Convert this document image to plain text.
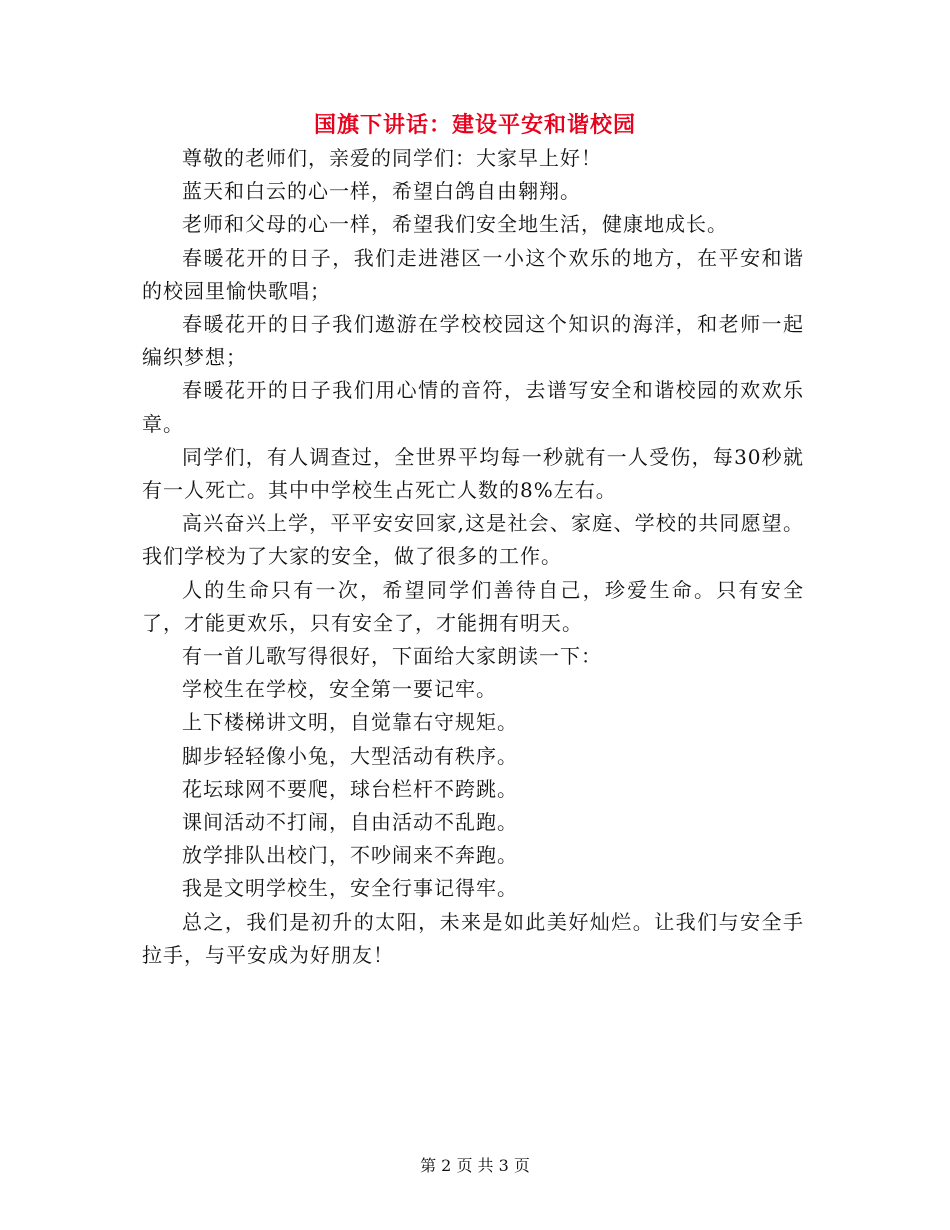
国旗下讲话：建设平安和谐校园

尊敬的老师们，亲爱的同学们：大家早上好！

蓝天和白云的心一样，希望白鸽自由翱翔。

老师和父母的心一样，希望我们安全地生活，健康地成长。

春暖花开的日子，我们走进港区一小这个欢乐的地方，在平安和谐的校园里愉快歌唱；

春暖花开的日子我们遨游在学校校园这个知识的海洋，和老师一起编织梦想；

春暖花开的日子我们用心情的音符，去谱写安全和谐校园的欢欢乐章。

同学们，有人调查过，全世界平均每一秒就有一人受伤，每30秒就有一人死亡。其中中学校生占死亡人数的8%左右。

高兴奋兴上学，平平安安回家,这是社会、家庭、学校的共同愿望。我们学校为了大家的安全，做了很多的工作。

人的生命只有一次，希望同学们善待自己，珍爱生命。只有安全了，才能更欢乐，只有安全了，才能拥有明天。

有一首儿歌写得很好，下面给大家朗读一下：

学校生在学校，安全第一要记牢。

上下楼梯讲文明，自觉靠右守规矩。

脚步轻轻像小兔，大型活动有秩序。

花坛球网不要爬，球台栏杆不跨跳。

课间活动不打闹，自由活动不乱跑。

放学排队出校门，不吵闹来不奔跑。

我是文明学校生，安全行事记得牢。

总之，我们是初升的太阳，未来是如此美好灿烂。让我们与安全手拉手，与平安成为好朋友！

第 2 页 共 3 页
